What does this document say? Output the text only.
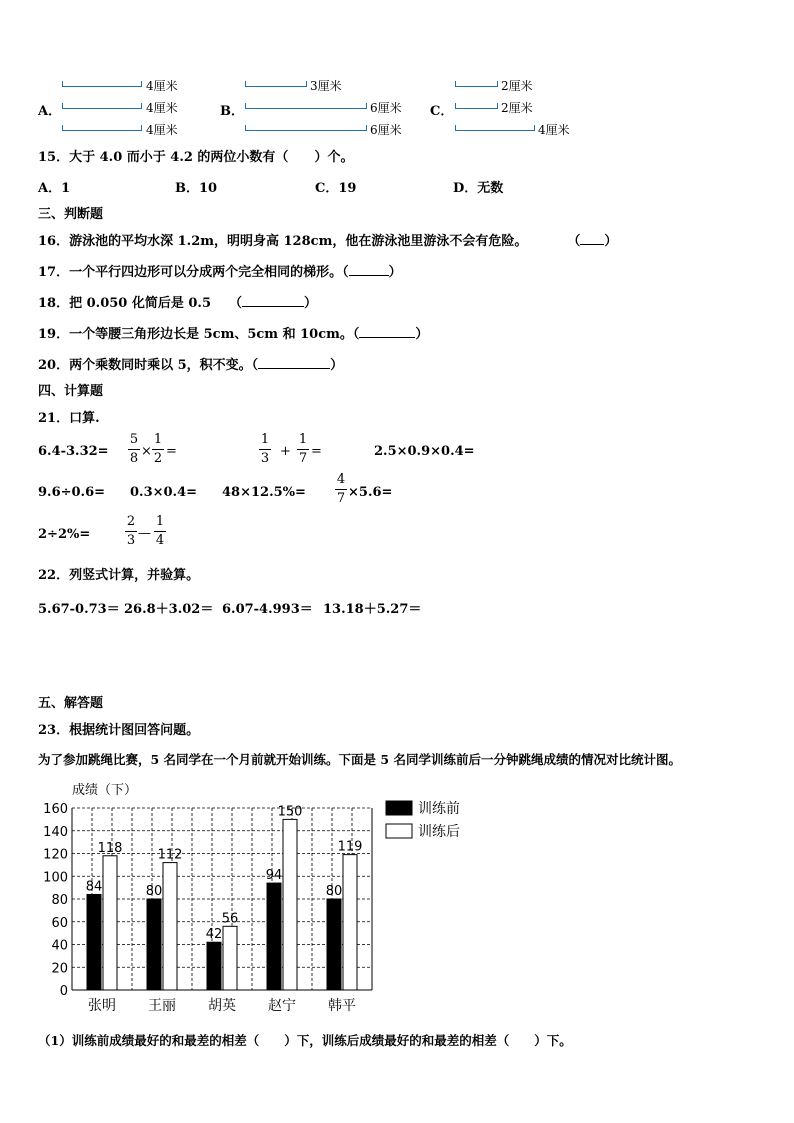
A．
4厘米
4厘米
4厘米
B．
3厘米
6厘米
6厘米
C．
2厘米
2厘米
4厘米
15．大于 4.0 而小于 4.2 的两位小数有（ ）个。
A．1	B．10	C．19	D．无数
三、判断题
16．游泳池的平均水深 1.2m，明明身高 128cm，他在游泳池里游泳不会有危险。	（ ）
17．一个平行四边形可以分成两个完全相同的梯形。（	）
18．把 0.050 化简后是 0.5 （	）
19．一个等腰三角形边长是 5cm、5cm 和 10cm。（	）
20．两个乘数同时乘以 5，积不变。（	）
四、计算题
21．口算.
6.4-3.32=
5
8 ×
1
2 =
1
3 +
1
7 =	2.5×0.9×0.4=
9.6÷0.6= 0.3×0.4= 48×12.5%=
4
7 ×5.6=
2÷2%=
2
3 —
1
4
22．列竖式计算，并验算。
5.67-0.73＝ 26.8＋3.02＝ 6.07-4.993＝ 13.18＋5.27＝
五、解答题
23．根据统计图回答问题。
为了参加跳绳比赛，5 名同学在一个月前就开始训练。下面是 5 名同学训练前后一分钟跳绳成绩的情况对比统计图。
成绩（下）
84
118
80
112
42
56
94
150
80
119
0
20
40
60
80
100
120
140
160
张明 王丽 胡英 赵宁 韩平
训练前
训练后
（1）训练前成绩最好的和最差的相差（　　）下，训练后成绩最好的和最差的相差（　　）下。
